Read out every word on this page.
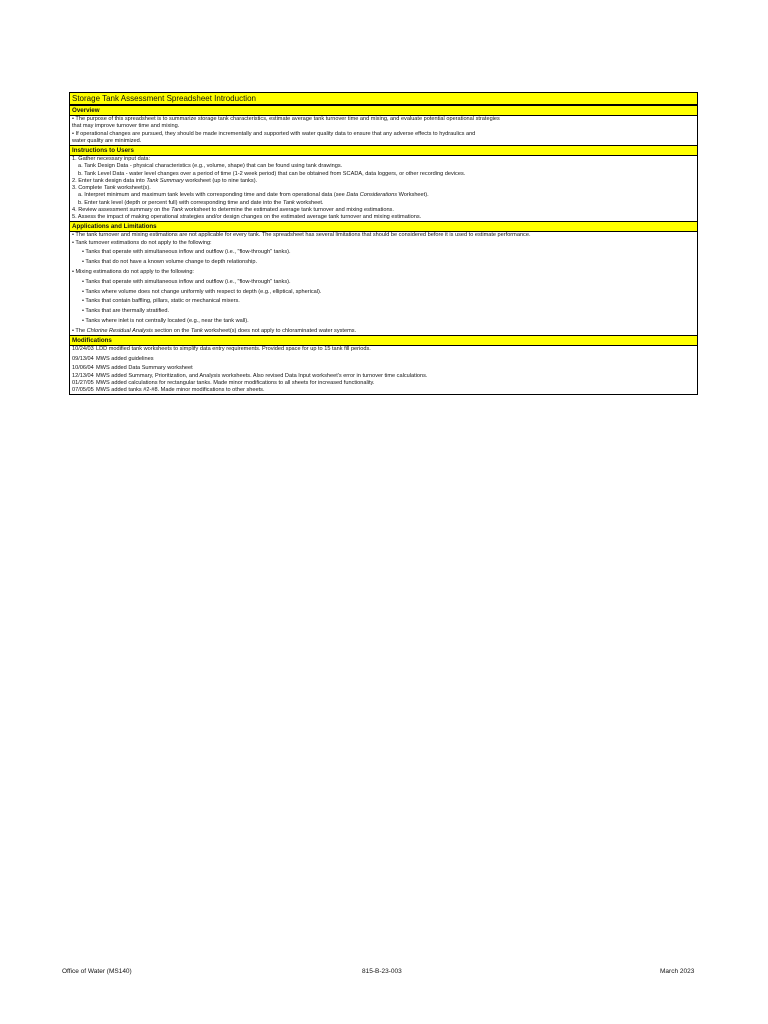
Storage Tank Assessment Spreadsheet Introduction
Overview
• The purpose of this spreadsheet is to summarize storage tank characteristics, estimate average tank turnover time and mixing, and evaluate potential operational strategies
that may improve turnover time and mixing.
• If operational changes are pursued, they should be made incrementally and supported with water quality data to ensure that any adverse effects to hydraulics and
water quality are minimized.
Instructions to Users
1. Gather necessary input data:
a. Tank Design Data - physical characteristics (e.g., volume, shape) that can be found using tank drawings.
b. Tank Level Data - water level changes over a period of time (1-2 week period) that can be obtained from SCADA, data loggers, or other recording devices.
2. Enter tank design data into Tank Summary worksheet (up to nine tanks).
3. Complete Tank worksheet(s).
a. Interpret minimum and maximum tank levels with corresponding time and date from operational data (see Data Considerations Worksheet).
b. Enter tank level (depth or percent full) with corresponding time and date into the Tank worksheet.
4. Review assessment summary on the Tank worksheet to determine the estimated average tank turnover and mixing estimations.
5. Assess the impact of making operational strategies and/or design changes on the estimated average tank turnover and mixing estimations.
Applications and Limitations
• The tank turnover and mixing estimations are not applicable for every tank. The spreadsheet has several limitations that should be considered before it is used to estimate performance.
• Tank turnover estimations do not apply to the following:
• Tanks that operate with simultaneous inflow and outflow (i.e., "flow-through" tanks).
• Tanks that do not have a known volume change to depth relationship.
• Mixing estimations do not apply to the following:
• Tanks that operate with simultaneous inflow and outflow (i.e., "flow-through" tanks).
• Tanks where volume does not change uniformly with respect to depth (e.g., elliptical, spherical).
• Tanks that contain baffling, pillars, static or mechanical mixers.
• Tanks that are thermally stratified.
• Tanks where inlet is not centrally located (e.g., near the tank wall).
• The Chlorine Residual Analysis section on the Tank worksheet(s) does not apply to chloraminated water systems.
Modifications
10/24/03 LDD modified tank worksheets to simplify data entry requirements. Provided space for up to 15 tank fill periods.
09/13/04 MWS added guidelines
10/06/04 MWS added Data Summary worksheet
12/13/04 MWS added Summary, Prioritization, and Analysis worksheets. Also revised Data Input worksheet's error in turnover time calculations.
01/27/05 MWS added calculations for rectangular tanks. Made minor modifications to all sheets for increased functionality.
07/05/05 MWS added tanks #2-#8. Made minor modifications to other sheets.
Office of Water (MS140)	815-B-23-003	March 2023
